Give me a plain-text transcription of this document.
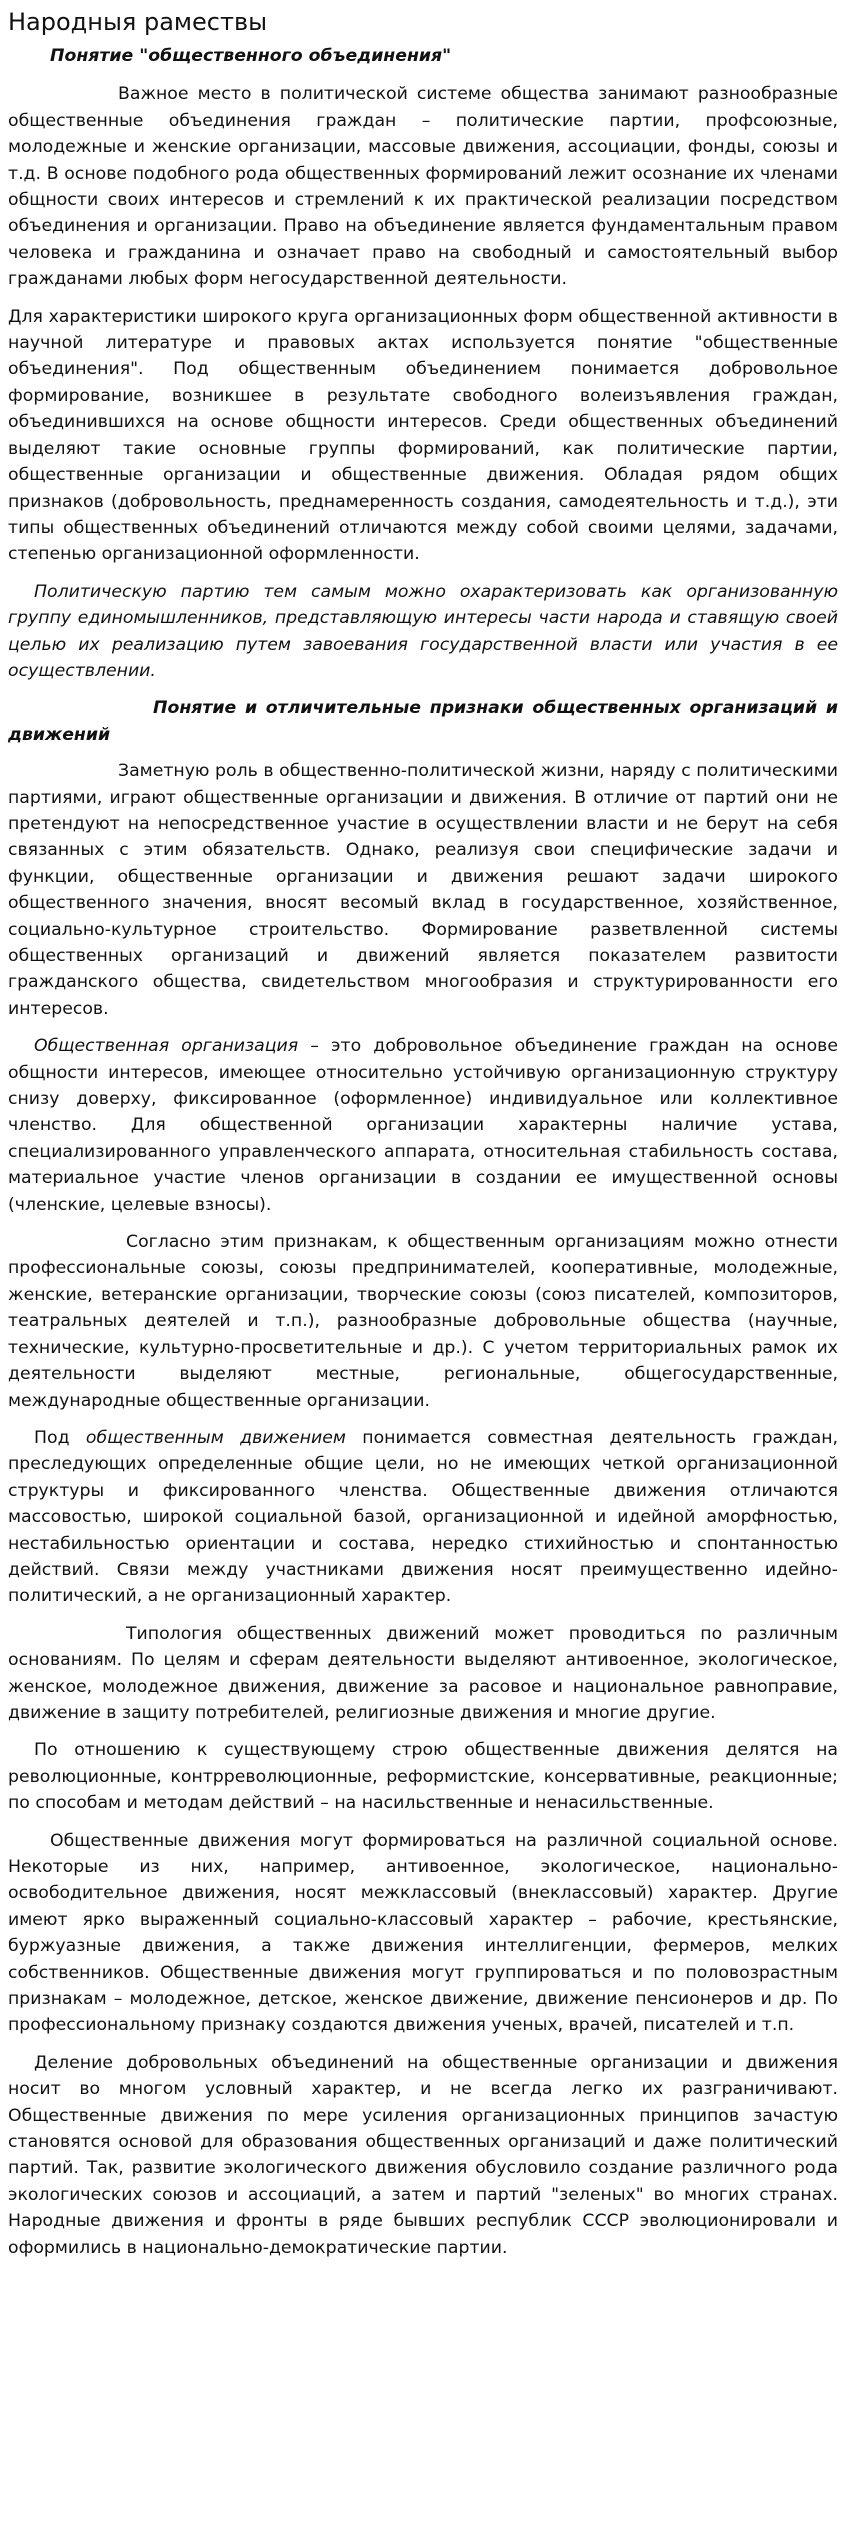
Народныя рамествы
Понятие "общественного объединения"

Важное место в политической системе общества занимают разнообразные общественные объединения граждан – политические партии, профсоюзные, молодежные и женские организации, массовые движения, ассоциации, фонды, союзы и т.д. В основе подобного рода общественных формирований лежит осознание их членами общности своих интересов и стремлений к их практической реализации посредством объединения и организации. Право на объединение является фундаментальным правом человека и гражданина и означает право на свободный и самостоятельный выбор гражданами любых форм негосударственной деятельности.

Для характеристики широкого круга организационных форм общественной активности в научной литературе и правовых актах используется понятие "общественные объединения". Под общественным объединением понимается добровольное формирование, возникшее в результате свободного волеизъявления граждан, объединившихся на основе общности интересов. Среди общественных объединений выделяют такие основные группы формирований, как политические партии, общественные организации и общественные движения. Обладая рядом общих признаков (добровольность, преднамеренность создания, самодеятельность и т.д.), эти типы общественных объединений отличаются между собой своими целями, задачами, степенью организационной оформленности.

Политическую партию тем самым можно охарактеризовать как организованную группу единомышленников, представляющую интересы части народа и ставящую своей целью их реализацию путем завоевания государственной власти или участия в ее осуществлении.

Понятие и отличительные признаки общественных организаций и движений

Заметную роль в общественно-политической жизни, наряду с политическими партиями, играют общественные организации и движения. В отличие от партий они не претендуют на непосредственное участие в осуществлении власти и не берут на себя связанных с этим обязательств. Однако, реализуя свои специфические задачи и функции, общественные организации и движения решают задачи широкого общественного значения, вносят весомый вклад в государственное, хозяйственное, социально-культурное строительство. Формирование разветвленной системы общественных организаций и движений является показателем развитости гражданского общества, свидетельством многообразия и структурированности его интересов.

Общественная организация – это добровольное объединение граждан на основе общности интересов, имеющее относительно устойчивую организационную структуру снизу доверху, фиксированное (оформленное) индивидуальное или коллективное членство. Для общественной организации характерны наличие устава, специализированного управленческого аппарата, относительная стабильность состава, материальное участие членов организации в создании ее имущественной основы (членские, целевые взносы).

Согласно этим признакам, к общественным организациям можно отнести профессиональные союзы, союзы предпринимателей, кооперативные, молодежные, женские, ветеранские организации, творческие союзы (союз писателей, композиторов, театральных деятелей и т.п.), разнообразные добровольные общества (научные, технические, культурно-просветительные и др.). С учетом территориальных рамок их деятельности выделяют местные, региональные, общегосударственные, международные общественные организации.

Под общественным движением понимается совместная деятельность граждан, преследующих определенные общие цели, но не имеющих четкой организационной структуры и фиксированного членства. Общественные движения отличаются массовостью, широкой социальной базой, организационной и идейной аморфностью, нестабильностью ориентации и состава, нередко стихийностью и спонтанностью действий. Связи между участниками движения носят преимущественно идейно-политический, а не организационный характер.

Типология общественных движений может проводиться по различным основаниям. По целям и сферам деятельности выделяют антивоенное, экологическое, женское, молодежное движения, движение за расовое и национальное равноправие, движение в защиту потребителей, религиозные движения и многие другие.

По отношению к существующему строю общественные движения делятся на революционные, контрреволюционные, реформистские, консервативные, реакционные; по способам и методам действий – на насильственные и ненасильственные.

Общественные движения могут формироваться на различной социальной основе. Некоторые из них, например, антивоенное, экологическое, национально-освободительное движения, носят межклассовый (внеклассовый) характер. Другие имеют ярко выраженный социально-классовый характер – рабочие, крестьянские, буржуазные движения, а также движения интеллигенции, фермеров, мелких собственников. Общественные движения могут группироваться и по половозрастным признакам – молодежное, детское, женское движение, движение пенсионеров и др. По профессиональному признаку создаются движения ученых, врачей, писателей и т.п.

Деление добровольных объединений на общественные организации и движения носит во многом условный характер, и не всегда легко их разграничивают. Общественные движения по мере усиления организационных принципов зачастую становятся основой для образования общественных организаций и даже политический партий. Так, развитие экологического движения обусловило создание различного рода экологических союзов и ассоциаций, а затем и партий "зеленых" во многих странах. Народные движения и фронты в ряде бывших республик СССР эволюционировали и оформились в национально-демократические партии.
